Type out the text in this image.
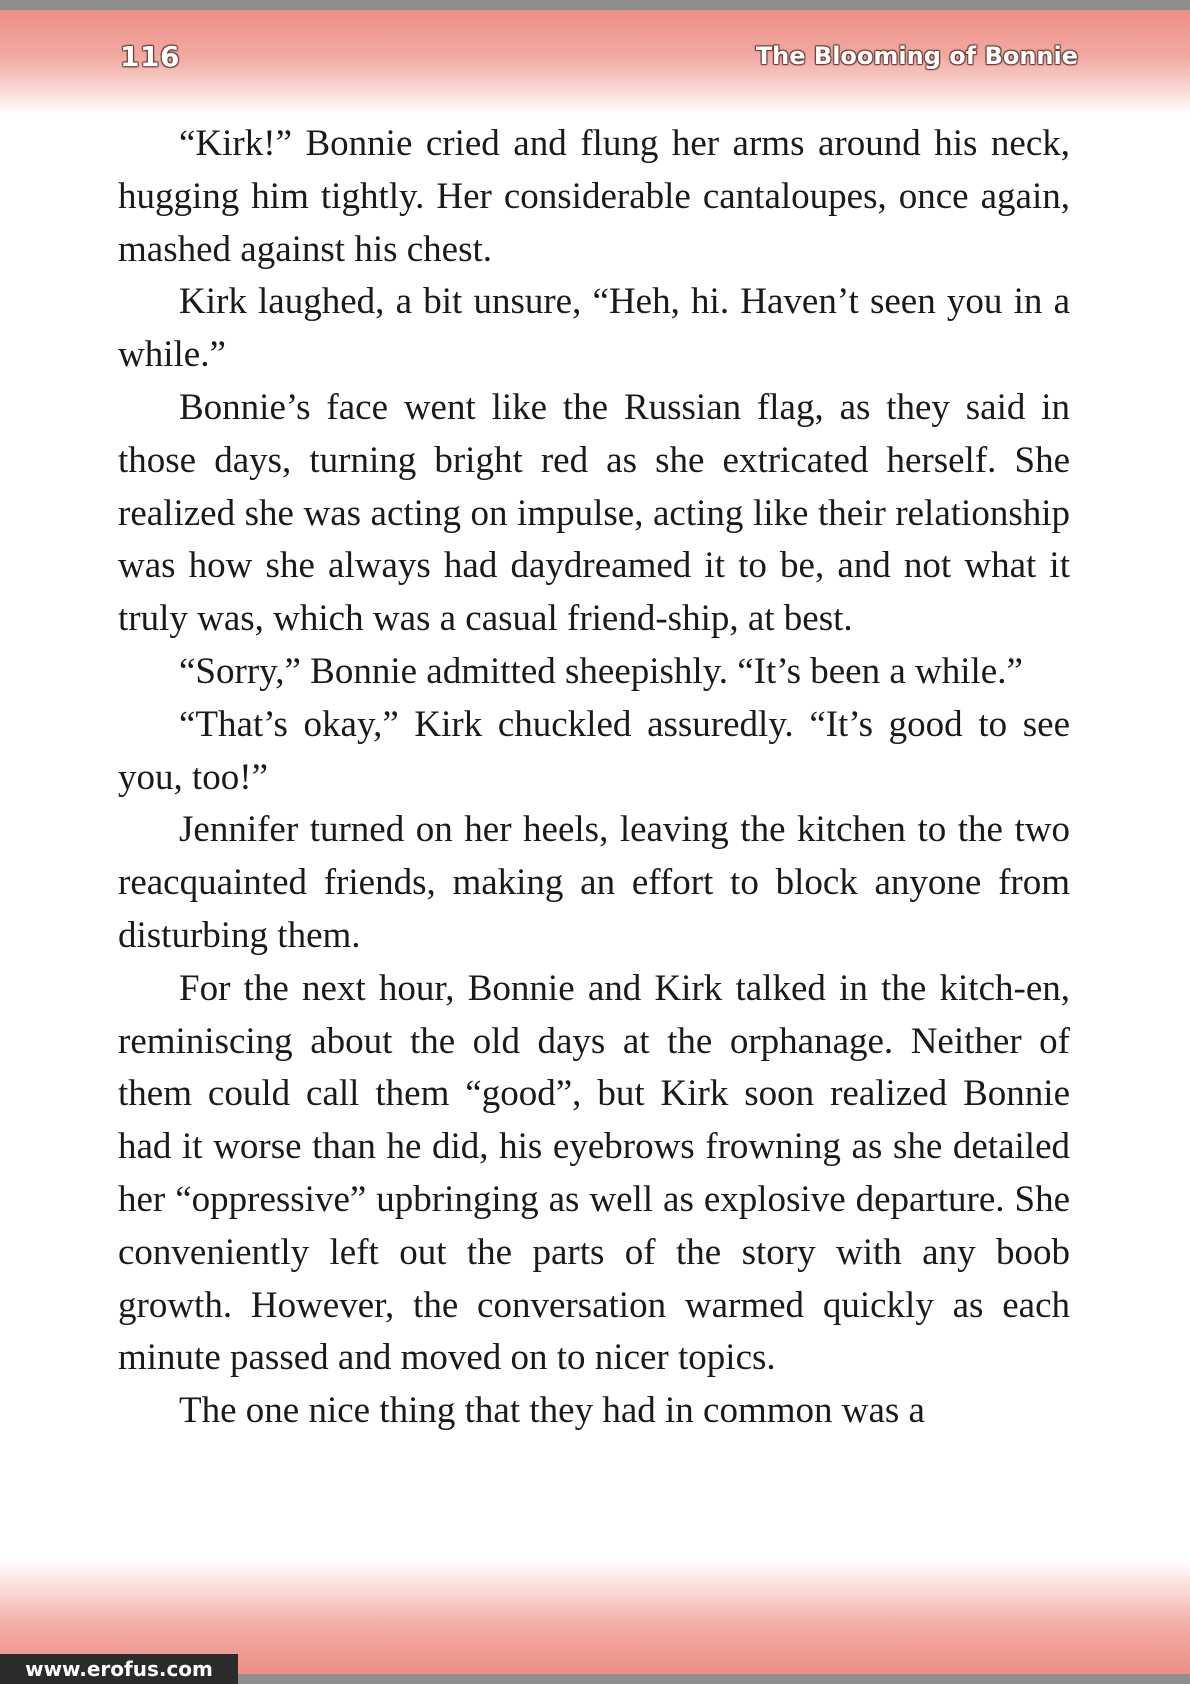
116	The Blooming of Bonnie

“Kirk!” Bonnie cried and flung her arms around his neck, hugging him tightly. Her considerable cantaloupes, once again, mashed against his chest.

Kirk laughed, a bit unsure, “Heh, hi. Haven’t seen you in a while.”

Bonnie’s face went like the Russian flag, as they said in those days, turning bright red as she extricated herself. She realized she was acting on impulse, acting like their relationship was how she always had daydreamed it to be, and not what it truly was, which was a casual friend-ship, at best.

“Sorry,” Bonnie admitted sheepishly. “It’s been a while.”

“That’s okay,” Kirk chuckled assuredly. “It’s good to see you, too!”

Jennifer turned on her heels, leaving the kitchen to the two reacquainted friends, making an effort to block anyone from disturbing them.

For the next hour, Bonnie and Kirk talked in the kitch-en, reminiscing about the old days at the orphanage. Neither of them could call them “good”, but Kirk soon realized Bonnie had it worse than he did, his eyebrows frowning as she detailed her “oppressive” upbringing as well as explosive departure. She conveniently left out the parts of the story with any boob growth. However, the conversation warmed quickly as each minute passed and moved on to nicer topics.

The one nice thing that they had in common was a

www.erofus.com
